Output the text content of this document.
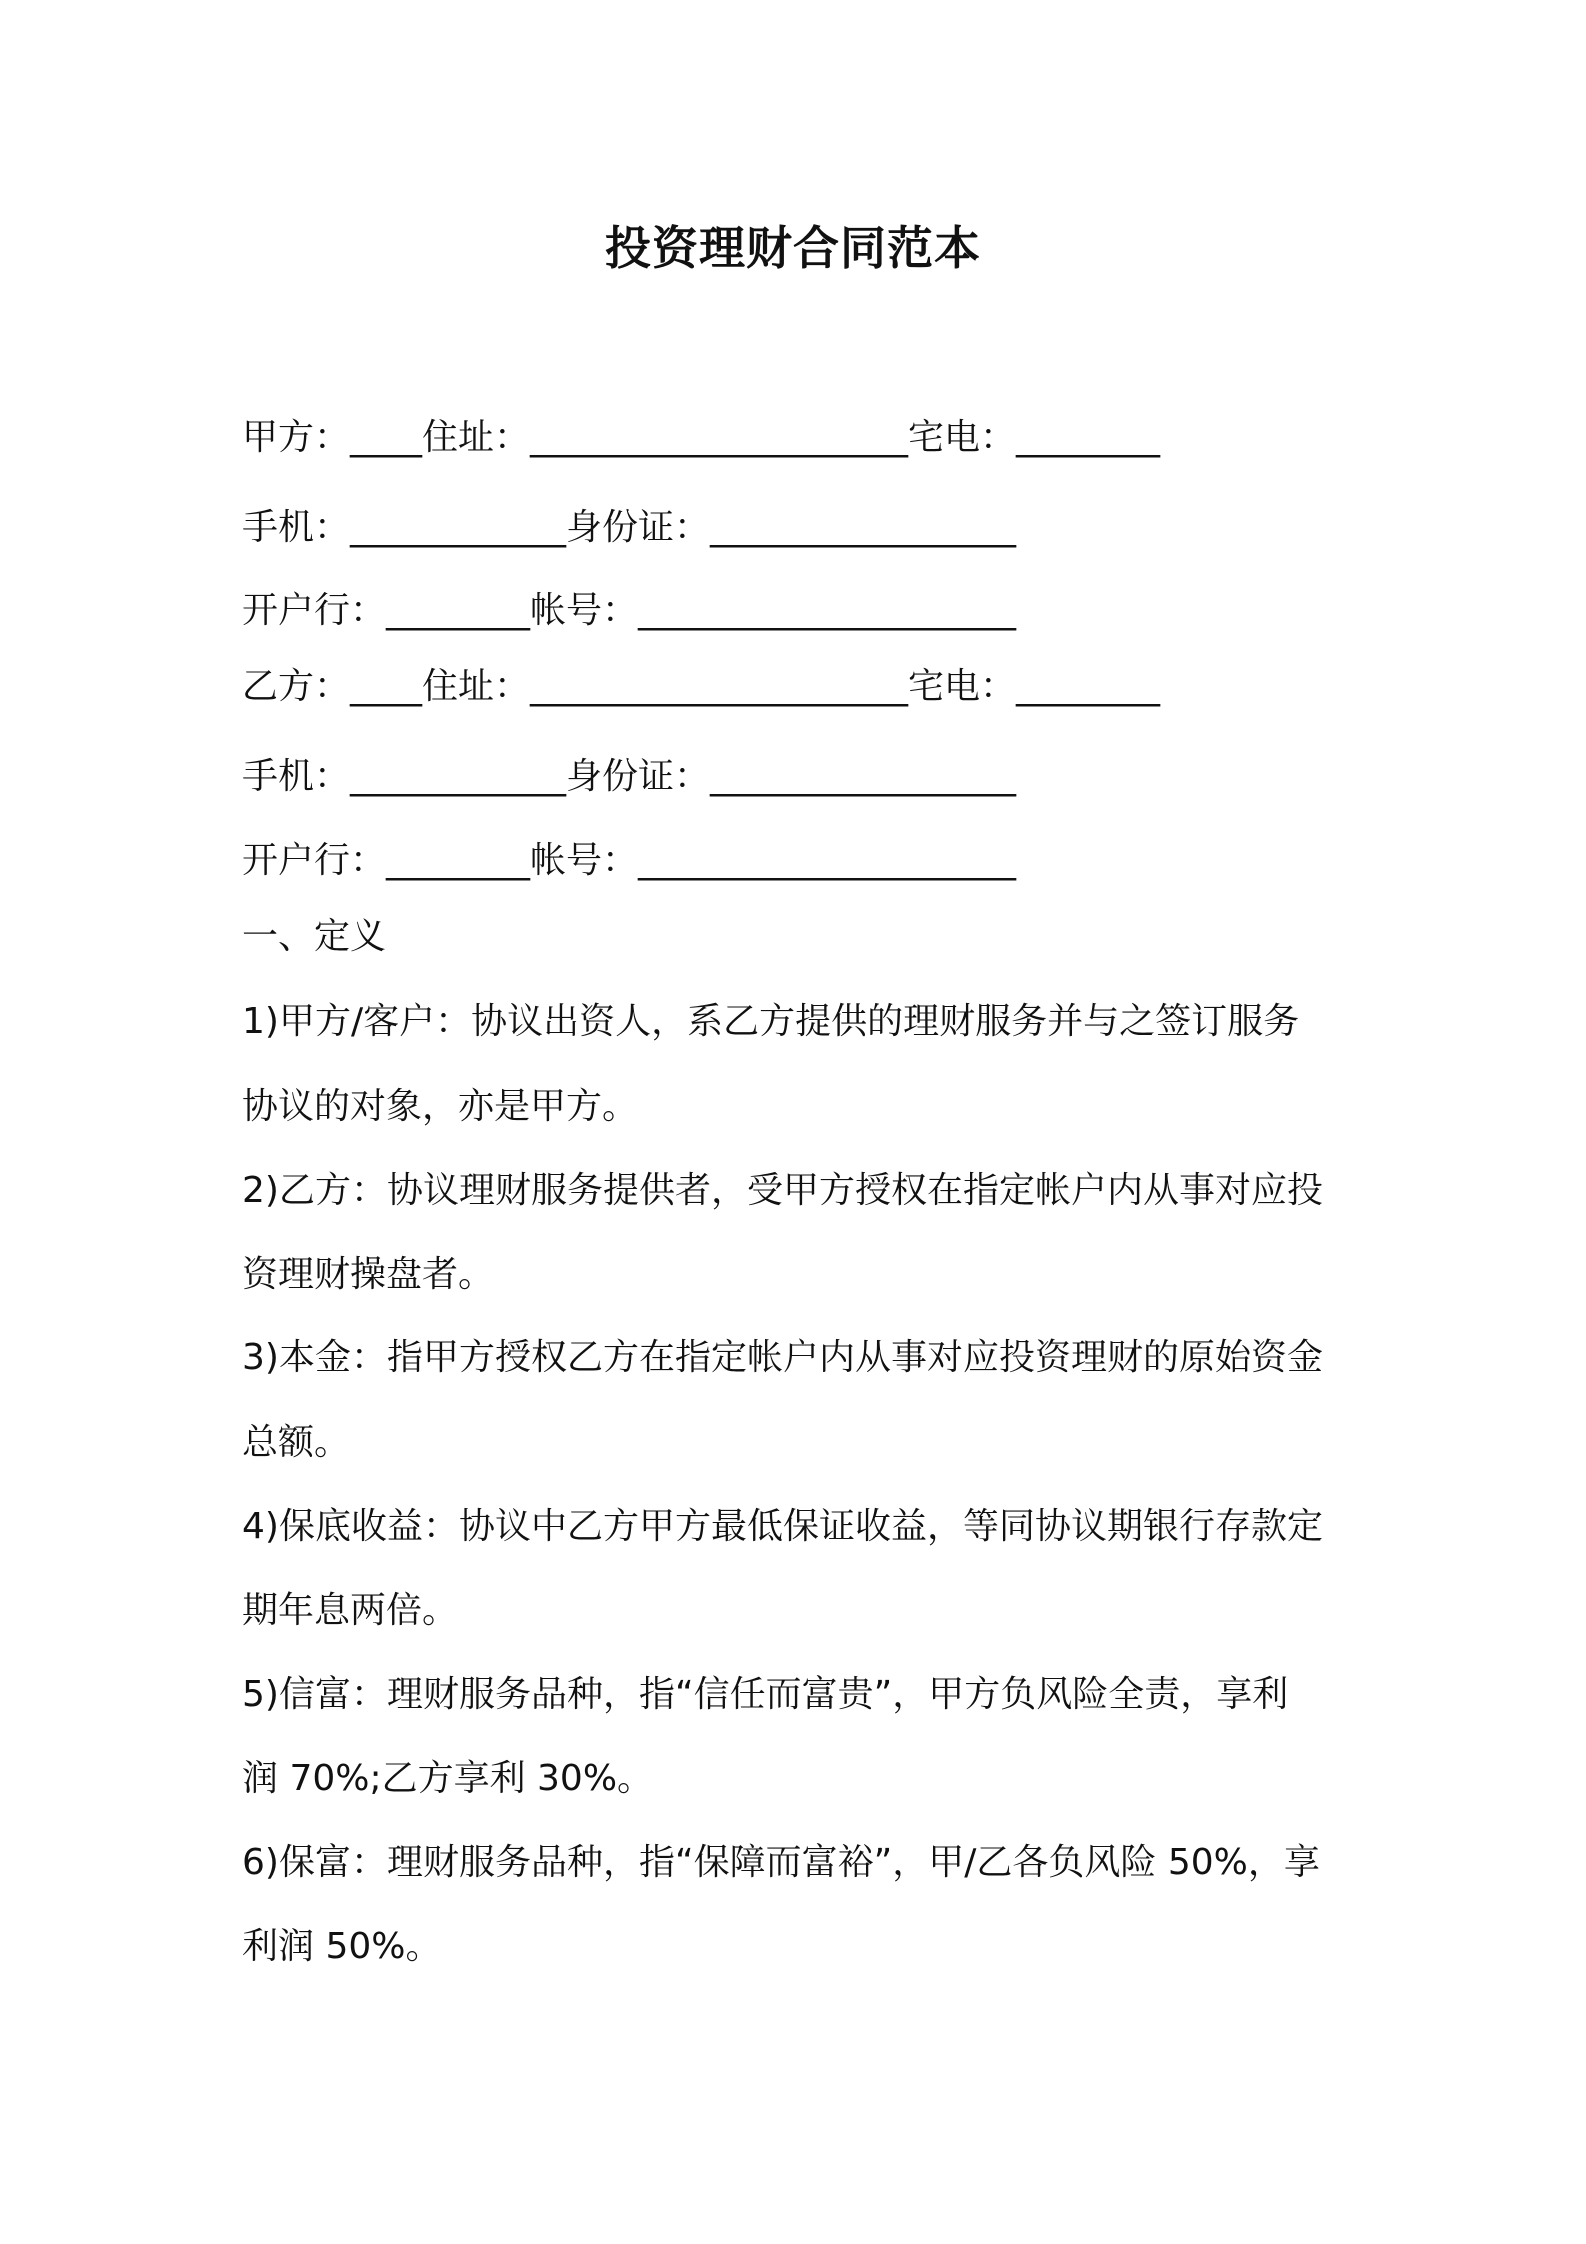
投资理财合同范本
甲方：____住址：_____________________宅电：________
手机：____________身份证：_________________
开户行：________帐号：_____________________
乙方：____住址：_____________________宅电：________
手机：____________身份证：_________________
开户行：________帐号：_____________________
一、定义
1)甲方/客户：协议出资人，系乙方提供的理财服务并与之签订服务
协议的对象，亦是甲方。
2)乙方：协议理财服务提供者，受甲方授权在指定帐户内从事对应投
资理财操盘者。
3)本金：指甲方授权乙方在指定帐户内从事对应投资理财的原始资金
总额。
4)保底收益：协议中乙方甲方最低保证收益，等同协议期银行存款定
期年息两倍。
5)信富：理财服务品种，指“信任而富贵”，甲方负风险全责，享利
润 70%;乙方享利 30%。
6)保富：理财服务品种，指“保障而富裕”，甲/乙各负风险 50%，享
利润 50%。
